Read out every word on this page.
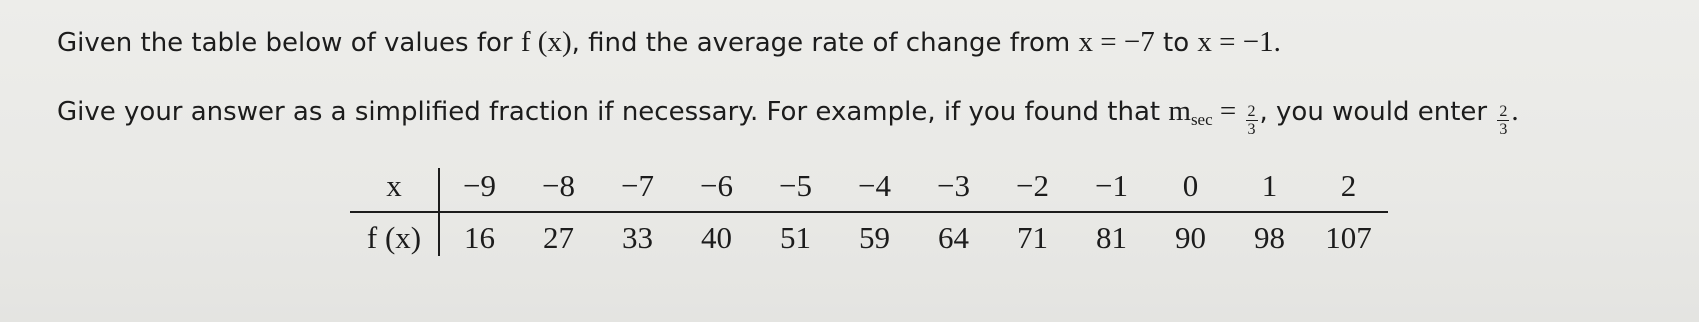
Given the table below of values for f (x), find the average rate of change from x = −7 to x = −1.
Give your answer as a simplified fraction if necessary. For example, if you found that $m_{sec} = \frac{2}{3}$ , you would enter $\frac{2}{3}$ .
x	−9	−8	−7	−6	−5	−4	−3	−2	−1	0	1	2
f (x)	16	27	33	40	51	59	64	71	81	90	98	107
